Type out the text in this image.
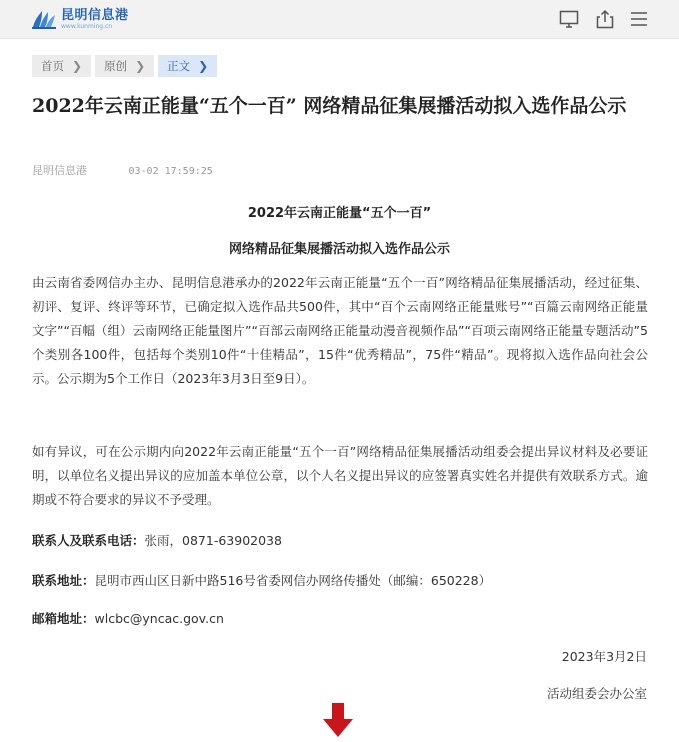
昆明信息港
www.kunming.cn
首页 ❯ 原创 ❯ 正文 ❯
2022年云南正能量“五个一百” 网络精品征集展播活动拟入选作品公示
昆明信息港	03-02 17:59:25
2022年云南正能量“五个一百”
网络精品征集展播活动拟入选作品公示

由云南省委网信办主办、昆明信息港承办的2022年云南正能量“五个一百”网络精品征集展播活动，经过征集、初评、复评、终评等环节，已确定拟入选作品共500件，其中“百个云南网络正能量账号”“百篇云南网络正能量文字”“百幅（组）云南网络正能量图片”“百部云南网络正能量动漫音视频作品”“百项云南网络正能量专题活动”5个类别各100件，包括每个类别10件“十佳精品”，15件“优秀精品”，75件“精品”。现将拟入选作品向社会公示。公示期为5个工作日（2023年3月3日至9日）。

如有异议，可在公示期内向2022年云南正能量“五个一百”网络精品征集展播活动组委会提出异议材料及必要证明，以单位名义提出异议的应加盖本单位公章，以个人名义提出异议的应签署真实姓名并提供有效联系方式。逾期或不符合要求的异议不予受理。

联系人及联系电话：张雨，0871-63902038
联系地址：昆明市西山区日新中路516号省委网信办网络传播处（邮编：650228）
邮箱地址：wlcbc@yncac.gov.cn
2023年3月2日
活动组委会办公室
